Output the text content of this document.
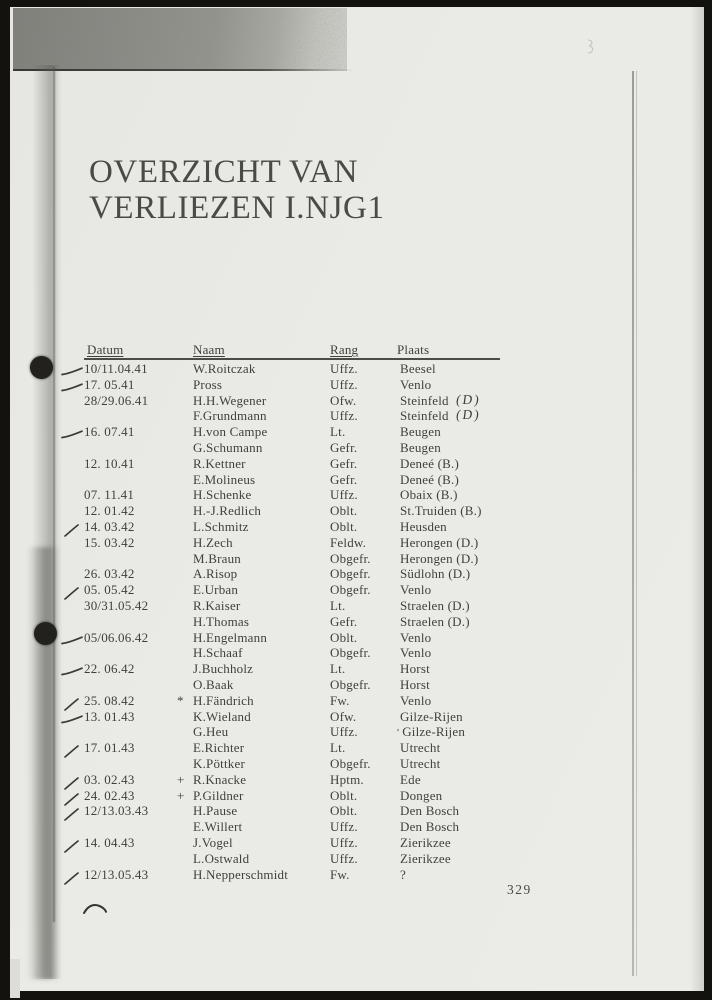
OVERZICHT VAN
VERLIEZEN I.NJG1
Datum	Naam	Rang	Plaats
10/11.04.41	W.Roitczak	Uffz.	Beesel
17. 05.41	Pross	Uffz.	Venlo
28/29.06.41	H.H.Wegener	Ofw.	Steinfeld (D)
F.Grundmann	Uffz.	Steinfeld (D)
16. 07.41	H.von Campe	Lt.	Beugen
G.Schumann	Gefr.	Beugen
12. 10.41	R.Kettner	Gefr.	Deneé (B.)
E.Molineus	Gefr.	Deneé (B.)
07. 11.41	H.Schenke	Uffz.	Obaix (B.)
12. 01.42	H.-J.Redlich	Oblt.	St.Truiden (B.)
14. 03.42	L.Schmitz	Oblt.	Heusden
15. 03.42	H.Zech	Feldw.	Herongen (D.)
M.Braun	Obgefr.	Herongen (D.)
26. 03.42	A.Risop	Obgefr.	Südlohn (D.)
05. 05.42	E.Urban	Obgefr.	Venlo
30/31.05.42	R.Kaiser	Lt.	Straelen (D.)
H.Thomas	Gefr.	Straelen (D.)
05/06.06.42	H.Engelmann	Oblt.	Venlo
H.Schaaf	Obgefr.	Venlo
22. 06.42	J.Buchholz	Lt.	Horst
O.Baak	Obgefr.	Horst
25. 08.42	* H.Fändrich	Fw.	Venlo
13. 01.43	K.Wieland	Ofw.	Gilze-Rijen
G.Heu	Uffz.	' Gilze-Rijen
17. 01.43	E.Richter	Lt.	Utrecht
K.Pöttker	Obgefr.	Utrecht
03. 02.43	+ R.Knacke	Hptm.	Ede
24. 02.43	+ P.Gildner	Oblt.	Dongen
12/13.03.43	H.Pause	Oblt.	Den Bosch
E.Willert	Uffz.	Den Bosch
14. 04.43	J.Vogel	Uffz.	Zierikzee
L.Ostwald	Uffz.	Zierikzee
12/13.05.43	H.Nepperschmidt	Fw.	?
329
